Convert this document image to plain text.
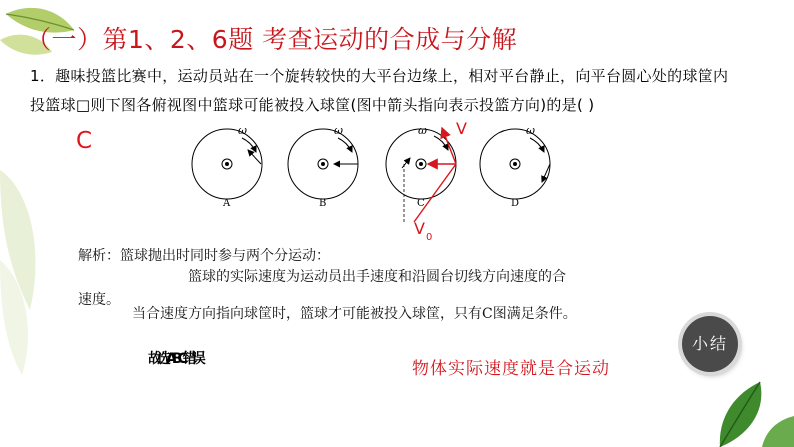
（一）第1、2、6题 考查运动的合成与分解
1．趣味投篮比赛中，运动员站在一个旋转较快的大平台边缘上，相对平台静止，向平台圆心处的球筐内投篮球□则下图各俯视图中篮球可能被投入球筐(图中箭头指向表示投篮方向)的是( )
C	ω
A
ω
B
ω
C
V
V 0
ω
D
解析：篮球抛出时同时参与两个分运动：
篮球的实际速度为运动员出手速度和沿圆台切线方向速度的合
速度。
当合速度方向指向球筐时，篮球才可能被投入球筐，只有C图满足条件。
故选ABC错误	物体实际速度就是合运动
小结
